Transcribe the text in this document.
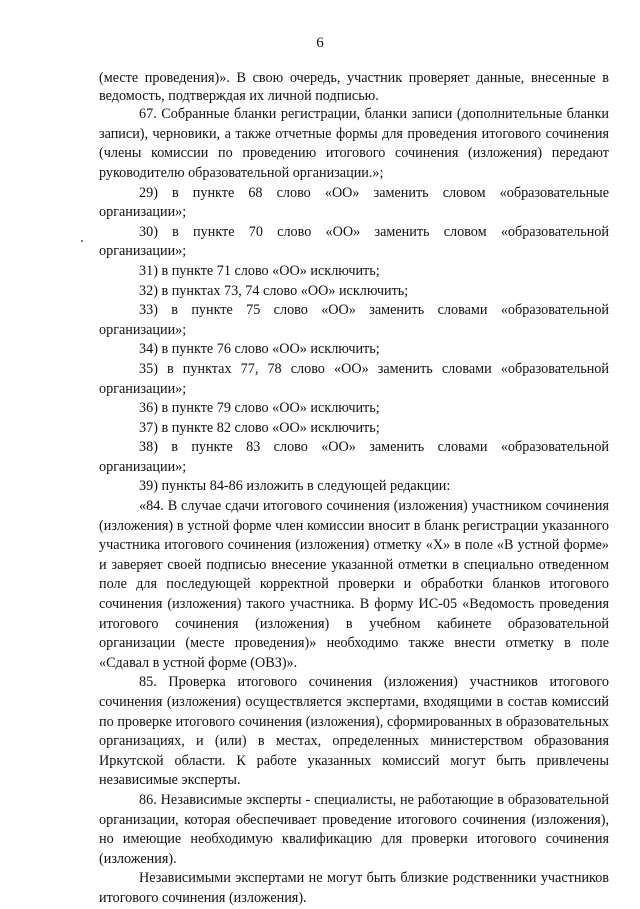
6

(месте проведения)». В свою очередь, участник проверяет данные, внесенные в ведомость, подтверждая их личной подписью.

67. Собранные бланки регистрации, бланки записи (дополнительные бланки записи), черновики, а также отчетные формы для проведения итогового сочинения (члены комиссии по проведению итогового сочинения (изложения) передают руководителю образовательной организации.»;

29) в пункте 68 слово «ОО» заменить словом «образовательные организации»;

30) в пункте 70 слово «ОО» заменить словом «образовательной организации»;

31) в пункте 71 слово «ОО» исключить;

32) в пунктах 73, 74 слово «ОО» исключить;

33) в пункте 75 слово «ОО» заменить словами «образовательной организации»;

34) в пункте 76 слово «ОО» исключить;

35) в пунктах 77, 78 слово «ОО» заменить словами «образовательной организации»;

36) в пункте 79 слово «ОО» исключить;

37) в пункте 82 слово «ОО» исключить;

38) в пункте 83 слово «ОО» заменить словами «образовательной организации»;

39) пункты 84-86 изложить в следующей редакции:

«84. В случае сдачи итогового сочинения (изложения) участником сочинения (изложения) в устной форме член комиссии вносит в бланк регистрации указанного участника итогового сочинения (изложения) отметку «Х» в поле «В устной форме» и заверяет своей подписью внесение указанной отметки в специально отведенном поле для последующей корректной проверки и обработки бланков итогового сочинения (изложения) такого участника. В форму ИС-05 «Ведомость проведения итогового сочинения (изложения) в учебном кабинете образовательной организации (месте проведения)» необходимо также внести отметку в поле «Сдавал в устной форме (ОВЗ)».

85. Проверка итогового сочинения (изложения) участников итогового сочинения (изложения) осуществляется экспертами, входящими в состав комиссий по проверке итогового сочинения (изложения), сформированных в образовательных организациях, и (или) в местах, определенных министерством образования Иркутской области. К работе указанных комиссий могут быть привлечены независимые эксперты.

86. Независимые эксперты - специалисты, не работающие в образовательной организации, которая обеспечивает проведение итогового сочинения (изложения), но имеющие необходимую квалификацию для проверки итогового сочинения (изложения).

Независимыми экспертами не могут быть близкие родственники участников итогового сочинения (изложения).
